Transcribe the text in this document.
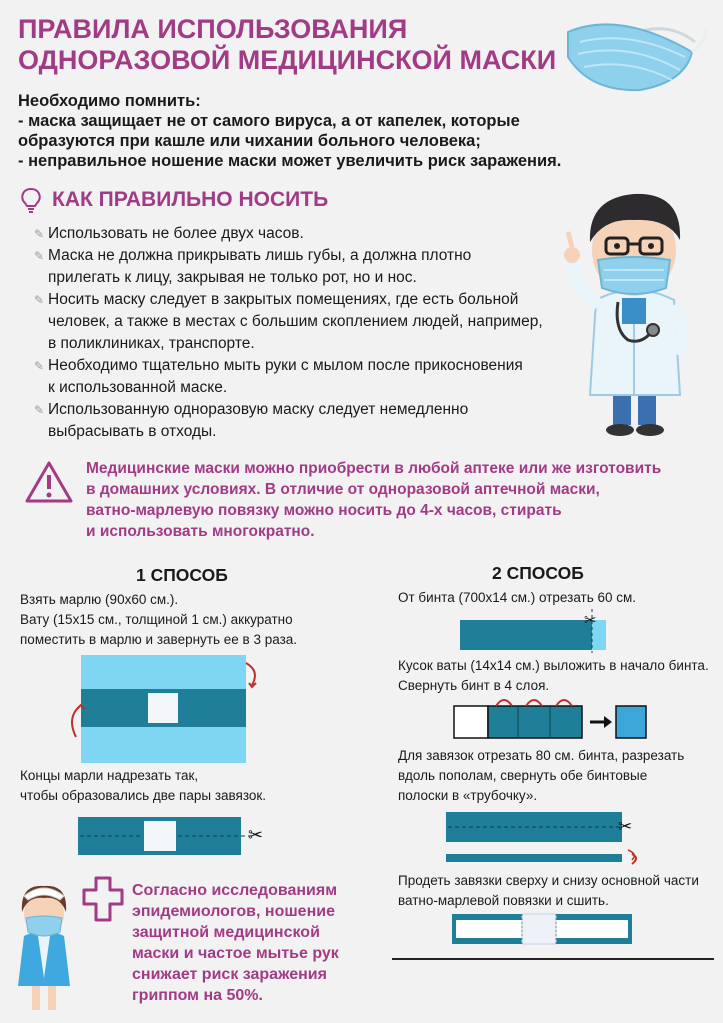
ПРАВИЛА ИСПОЛЬЗОВАНИЯ
ОДНОРАЗОВОЙ МЕДИЦИНСКОЙ МАСКИ
Необходимо помнить:
- маска защищает не от самого вируса, а от капелек, которые
образуются при кашле или чихании больного человека;
- неправильное ношение маски может увеличить риск заражения.
КАК ПРАВИЛЬНО НОСИТЬ
✎ Использовать не более двух часов.
✎ Маска не должна прикрывать лишь губы, а должна плотно
прилегать к лицу, закрывая не только рот, но и нос.
✎ Носить маску следует в закрытых помещениях, где есть больной
человек, а также в местах с большим скоплением людей, например,
в поликлиниках, транспорте.
✎ Необходимо тщательно мыть руки с мылом после прикосновения
к использованной маске.
✎ Использованную одноразовую маску следует немедленно
выбрасывать в отходы.
Медицинские маски можно приобрести в любой аптеке или же изготовить
в домашних условиях. В отличие от одноразовой аптечной маски,
ватно-марлевую повязку можно носить до 4-х часов, стирать
и использовать многократно.
1 СПОСОБ
Взять марлю (90х60 см.).
Вату (15х15 см., толщиной 1 см.) аккуратно
поместить в марлю и завернуть ее в 3 раза.
Концы марли надрезать так,
чтобы образовались две пары завязок.
✂
2 СПОСОБ
От бинта (700х14 см.) отрезать 60 см.
✂
Кусок ваты (14х14 см.) выложить в начало бинта.
Свернуть бинт в 4 слоя.
Для завязок отрезать 80 см. бинта, разрезать
вдоль пополам, свернуть обе бинтовые
полоски в «трубочку».
✂
Продеть завязки сверху и снизу основной части
ватно-марлевой повязки и сшить.
Согласно исследованиям
эпидемиологов, ношение
защитной медицинской
маски и частое мытье рук
снижает риск заражения
гриппом на 50%.
